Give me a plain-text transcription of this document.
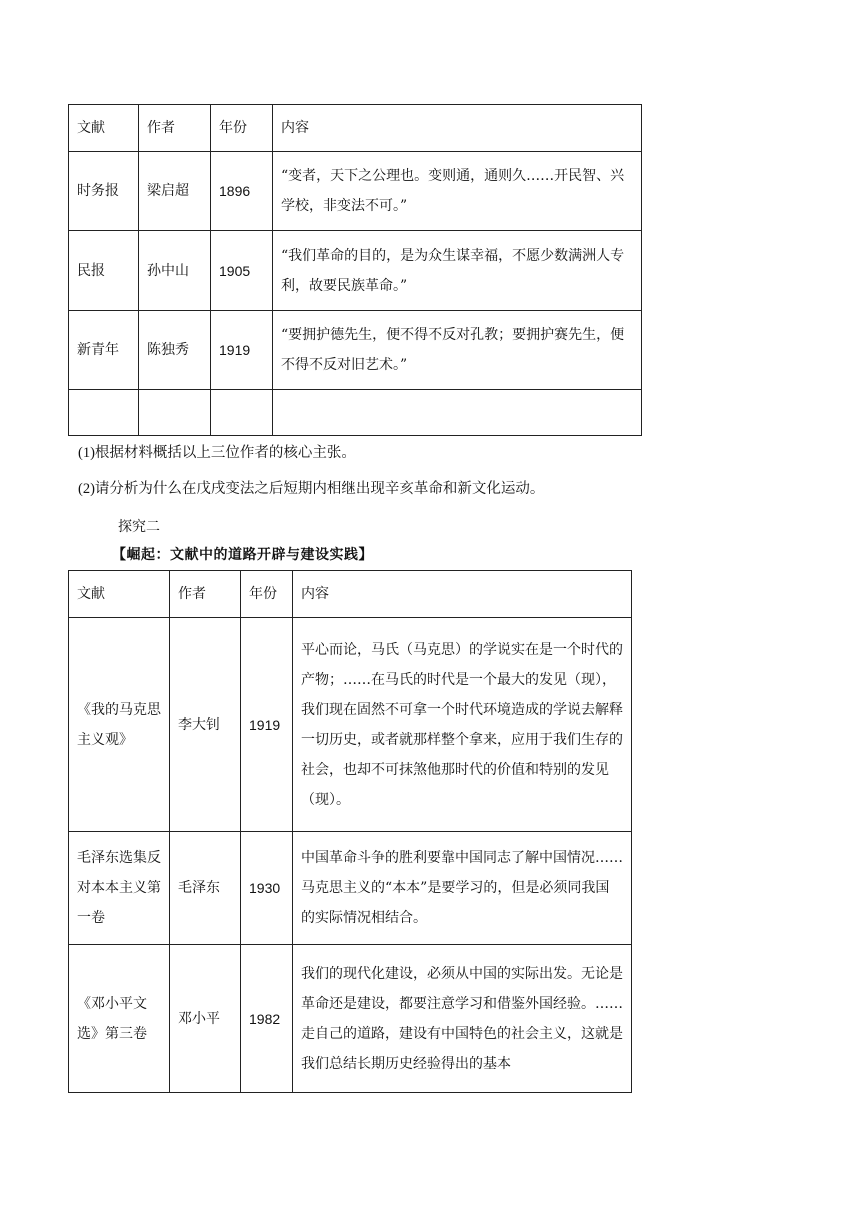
文献	作者	年份	内容
时务报	梁启超	1896	“变者，天下之公理也。变则通，通则久……开民智、兴学校，非变法不可。”
民报	孙中山	1905	“我们革命的目的，是为众生谋幸福，不愿少数满洲人专利，故要民族革命。”
新青年	陈独秀	1919	“要拥护德先生，便不得不反对孔教；要拥护赛先生，便不得不反对旧艺术。”

(1)根据材料概括以上三位作者的核心主张。
(2)请分析为什么在戊戌变法之后短期内相继出现辛亥革命和新文化运动。
探究二
【崛起：文献中的道路开辟与建设实践】
文献	作者	年份	内容
《我的马克思主义观》	李大钊	1919	平心而论，马氏（马克思）的学说实在是一个时代的产物；……在马氏的时代是一个最大的发见（现），我们现在固然不可拿一个时代环境造成的学说去解释一切历史，或者就那样整个拿来，应用于我们生存的社会，也却不可抹煞他那时代的价值和特别的发见（现）。
毛泽东选集反对本本主义第一卷	毛泽东	1930	中国革命斗争的胜利要靠中国同志了解中国情况……马克思主义的“本本”是要学习的，但是必须同我国的实际情况相结合。
《邓小平文选》第三卷	邓小平	1982	我们的现代化建设，必须从中国的实际出发。无论是革命还是建设，都要注意学习和借鉴外国经验。……走自己的道路，建设有中国特色的社会主义，这就是我们总结长期历史经验得出的基本
